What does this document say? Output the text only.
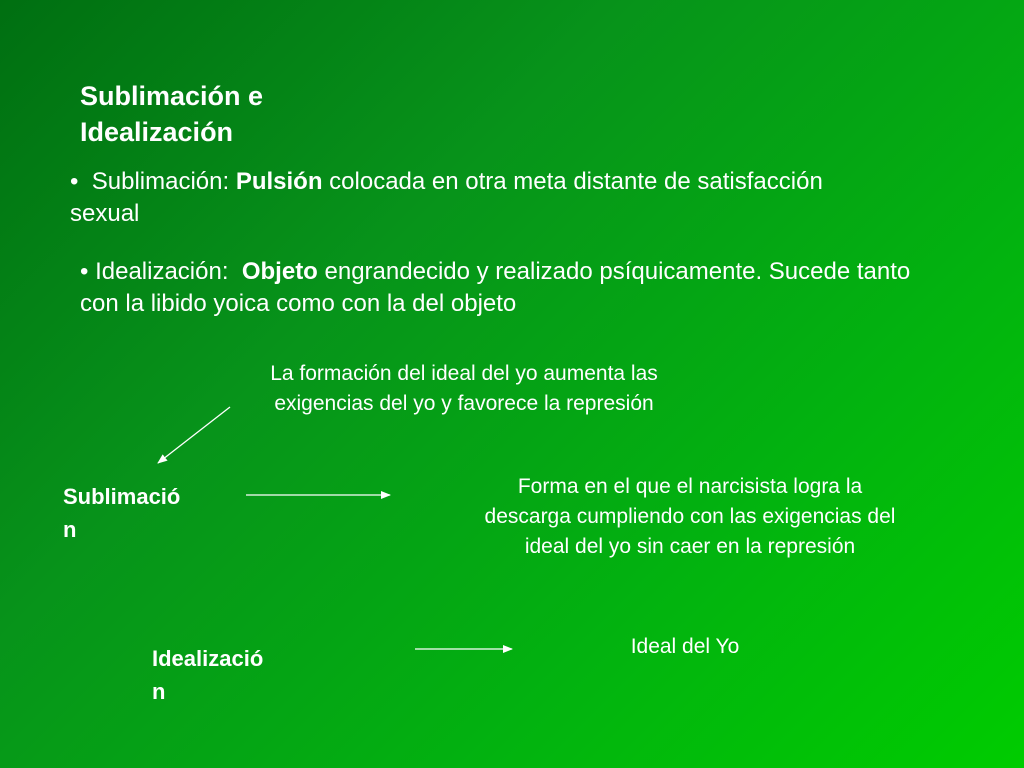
Sublimación e
Idealización
• Sublimación: Pulsión colocada en otra meta distante de satisfacción sexual
• Idealización: Objeto engrandecido y realizado psíquicamente. Sucede tanto con la libido yoica como con la del objeto
La formación del ideal del yo aumenta las
exigencias del yo y favorece la represión
Sublimació
n
Forma en el que el narcisista logra la
descarga cumpliendo con las exigencias del
ideal del yo sin caer en la represión
Idealizació
n
Ideal del Yo
